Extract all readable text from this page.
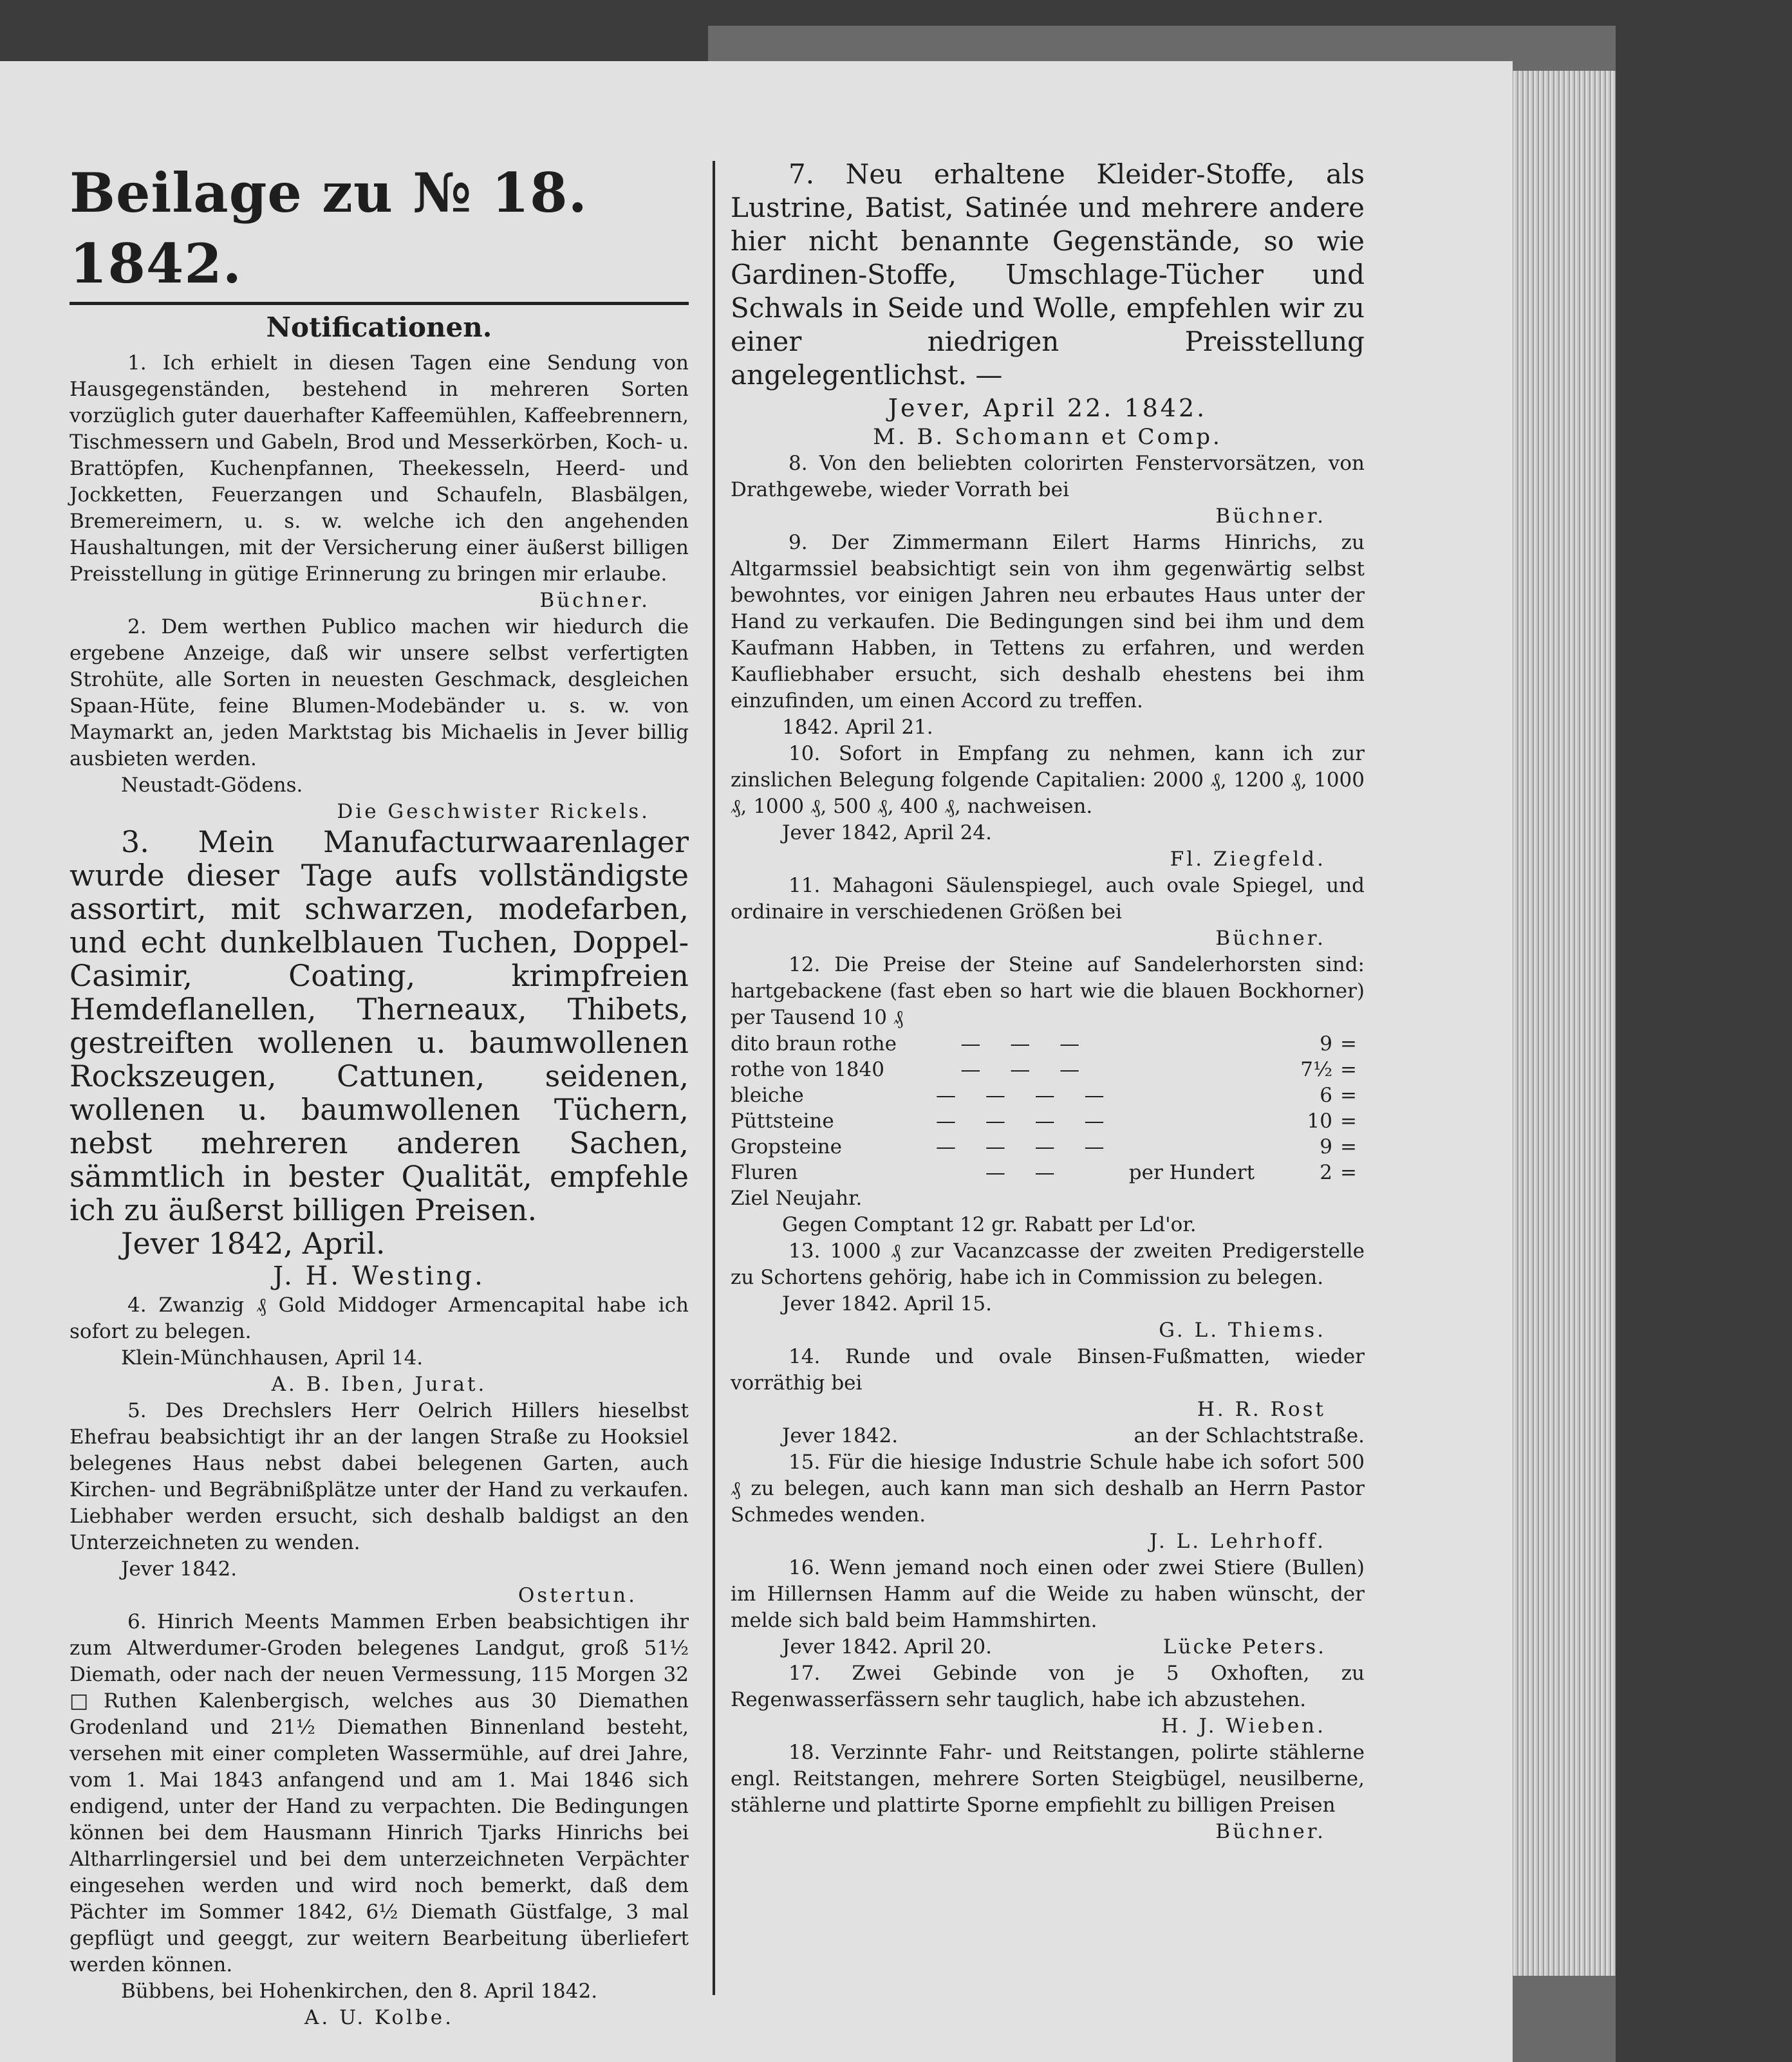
Beilage zu № 18. 1842.
Notificationen.

1. Ich erhielt in diesen Tagen eine Sendung von Hausgegenständen, bestehend in mehreren Sorten vorzüglich guter dauerhafter Kaffeemühlen, Kaffeebrennern, Tischmessern und Gabeln, Brod und Messerkörben, Koch- u. Brattöpfen, Kuchenpfannen, Theekesseln, Heerd- und Jockketten, Feuerzangen und Schaufeln, Blasbälgen, Bremereimern, u. s. w. welche ich den angehenden Haushaltungen, mit der Versicherung einer äußerst billigen Preisstellung in gütige Erinnerung zu bringen mir erlaube.

Büchner.

2. Dem werthen Publico machen wir hiedurch die ergebene Anzeige, daß wir unsere selbst verfertigten Strohüte, alle Sorten in neuesten Geschmack, desgleichen Spaan-Hüte, feine Blumen-Modebänder u. s. w. von Maymarkt an, jeden Marktstag bis Michaelis in Jever billig ausbieten werden.

Neustadt-Gödens.
Die Geschwister Rickels.

3. Mein Manufacturwaarenlager wurde dieser Tage aufs vollständigste assortirt, mit schwarzen, modefarben, und echt dunkelblauen Tuchen, Doppel-Casimir, Coating, krimpfreien Hemdeflanellen, Therneaux, Thibets, gestreiften wollenen u. baumwollenen Rockszeugen, Cattunen, seidenen, wollenen u. baumwollenen Tüchern, nebst mehreren anderen Sachen, sämmtlich in bester Qualität, empfehle ich zu äußerst billigen Preisen.

Jever 1842, April.
J. H. Westing.

4. Zwanzig ₰ Gold Middoger Armencapital habe ich sofort zu belegen.

Klein-Münchhausen, April 14.
A. B. Iben, Jurat.

5. Des Drechslers Herr Oelrich Hillers hieselbst Ehefrau beabsichtigt ihr an der langen Straße zu Hooksiel belegenes Haus nebst dabei belegenen Garten, auch Kirchen- und Begräbnißplätze unter der Hand zu verkaufen. Liebhaber werden ersucht, sich deshalb baldigst an den Unterzeichneten zu wenden.

Jever 1842.
Ostertun.

6. Hinrich Meents Mammen Erben beabsichtigen ihr zum Altwerdumer-Groden belegenes Landgut, groß 51½ Diemath, oder nach der neuen Vermessung, 115 Morgen 32 □Ruthen Kalenbergisch, welches aus 30 Diemathen Grodenland und 21½ Diemathen Binnenland besteht, versehen mit einer completen Wassermühle, auf drei Jahre, vom 1. Mai 1843 anfangend und am 1. Mai 1846 sich endigend, unter der Hand zu verpachten. Die Bedingungen können bei dem Hausmann Hinrich Tjarks Hinrichs bei Altharrlingersiel und bei dem unterzeichneten Verpächter eingesehen werden und wird noch bemerkt, daß dem Pächter im Sommer 1842, 6½ Diemath Güstfalge, 3 mal gepflügt und geeggt, zur weitern Bearbeitung überliefert werden können.

Bübbens, bei Hohenkirchen, den 8. April 1842.
A. U. Kolbe.

7. Neu erhaltene Kleider-Stoffe, als Lustrine, Batist, Satinée und mehrere andere hier nicht benannte Gegenstände, so wie Gardinen-Stoffe, Umschlage-Tücher und Schwals in Seide und Wolle, empfehlen wir zu einer niedrigen Preisstellung angelegentlichst. —

Jever, April 22. 1842.
M. B. Schomann et Comp.

8. Von den beliebten colorirten Fenstervorsätzen, von Drathgewebe, wieder Vorrath bei

Büchner.

9. Der Zimmermann Eilert Harms Hinrichs, zu Altgarmssiel beabsichtigt sein von ihm gegenwärtig selbst bewohntes, vor einigen Jahren neu erbautes Haus unter der Hand zu verkaufen. Die Bedingungen sind bei ihm und dem Kaufmann Habben, in Tettens zu erfahren, und werden Kaufliebhaber ersucht, sich deshalb ehestens bei ihm einzufinden, um einen Accord zu treffen.

1842. April 21.

10. Sofort in Empfang zu nehmen, kann ich zur zinslichen Belegung folgende Capitalien: 2000 ₰, 1200 ₰, 1000 ₰, 1000 ₰, 500 ₰, 400 ₰, nachweisen.

Jever 1842, April 24.
Fl. Ziegfeld.

11. Mahagoni Säulenspiegel, auch ovale Spiegel, und ordinaire in verschiedenen Größen bei

Büchner.

12. Die Preise der Steine auf Sandelerhorsten sind: hartgebackene (fast eben so hart wie die blauen Bockhorner) per Tausend 10 ₰

dito braun rothe	— — —		9	=
rothe von 1840	— — —		7½	=
bleiche	— — — —		6	=
Püttsteine	— — — —		10	=
Gropsteine	— — — —		9	=
Fluren	— —	per Hundert	2	=
Ziel Neujahr.
Gegen Comptant 12 gr. Rabatt per Ld'or.

13. 1000 ₰ zur Vacanzcasse der zweiten Predigerstelle zu Schortens gehörig, habe ich in Commission zu belegen.

Jever 1842. April 15.
G. L. Thiems.

14. Runde und ovale Binsen-Fußmatten, wieder vorräthig bei

H. R. Rost
Jever 1842.	an der Schlachtstraße.

15. Für die hiesige Industrie Schule habe ich sofort 500 ₰ zu belegen, auch kann man sich deshalb an Herrn Pastor Schmedes wenden.

J. L. Lehrhoff.

16. Wenn jemand noch einen oder zwei Stiere (Bullen) im Hillernsen Hamm auf die Weide zu haben wünscht, der melde sich bald beim Hammshirten.

Jever 1842. April 20.	Lücke Peters.

17. Zwei Gebinde von je 5 Oxhoften, zu Regenwasserfässern sehr tauglich, habe ich abzustehen.

H. J. Wieben.

18. Verzinnte Fahr- und Reitstangen, polirte stählerne engl. Reitstangen, mehrere Sorten Steigbügel, neusilberne, stählerne und plattirte Sporne empfiehlt zu billigen Preisen

Büchner.
